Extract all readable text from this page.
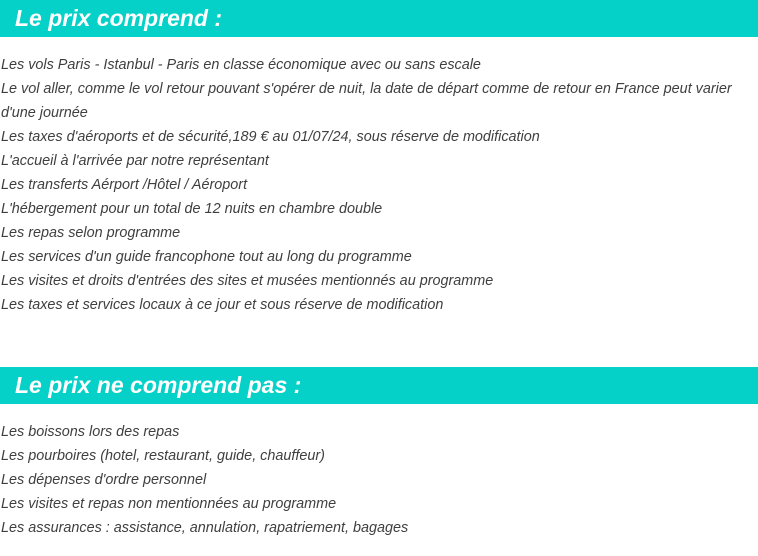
Le prix comprend :
Les vols Paris - Istanbul - Paris en classe économique avec ou sans escale
Le vol aller, comme le vol retour pouvant s'opérer de nuit, la date de départ comme de retour en France peut varier d'une journée
Les taxes d'aéroports et de sécurité,189 € au 01/07/24, sous réserve de modification
L'accueil à l'arrivée par notre représentant
Les transferts Aérport /Hôtel / Aéroport
L'hébergement pour un total de 12 nuits en chambre double
Les repas selon programme
Les services d'un guide francophone tout au long du programme
Les visites et droits d'entrées des sites et musées mentionnés au programme
Les taxes et services locaux à ce jour et sous réserve de modification
Le prix ne comprend pas :
Les boissons lors des repas
Les pourboires (hotel, restaurant, guide, chauffeur)
Les dépenses d'ordre personnel
Les visites et repas non mentionnées au programme
Les assurances : assistance, annulation, rapatriement, bagages
